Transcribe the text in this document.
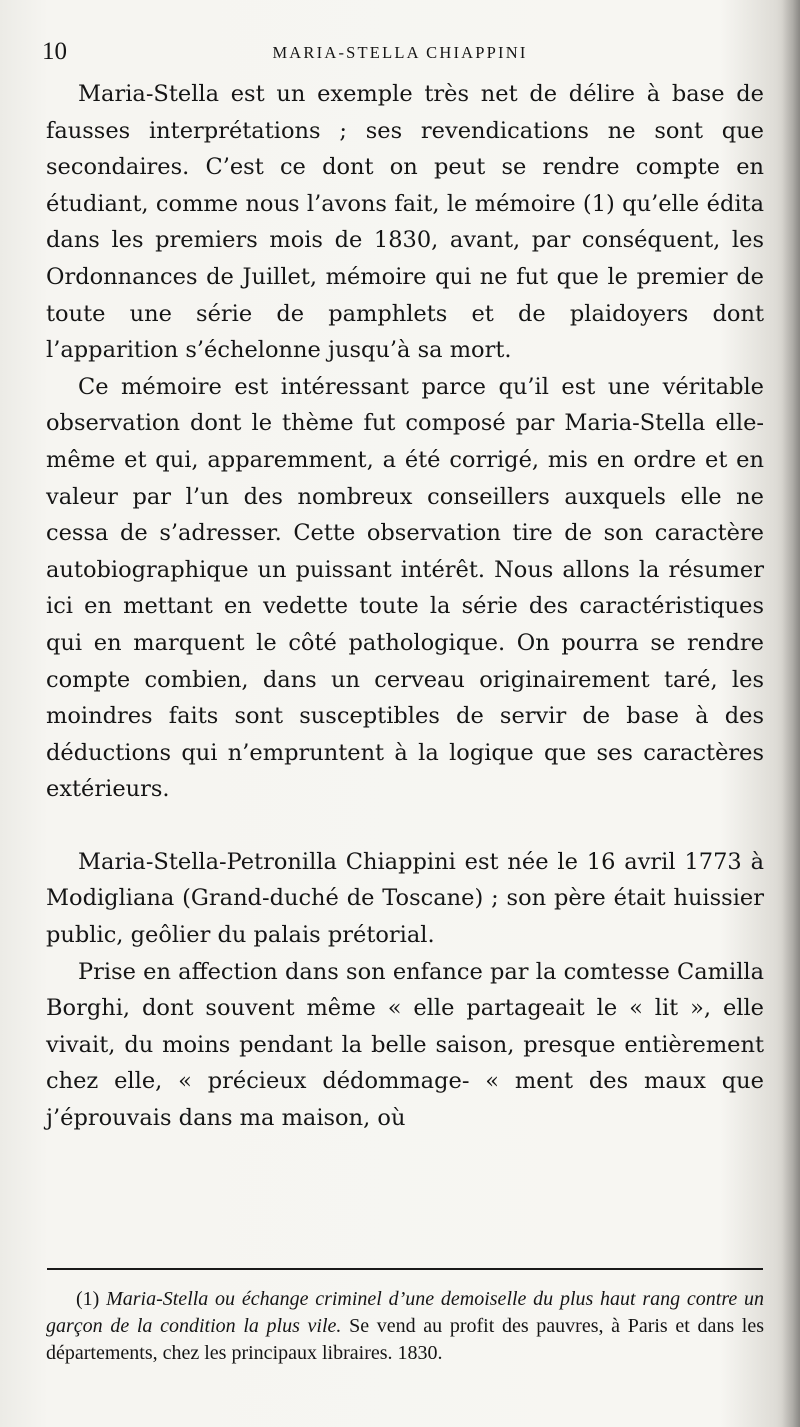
10	MARIA-STELLA CHIAPPINI

Maria-Stella est un exemple très net de délire à base de fausses interprétations ; ses revendications ne sont que secondaires. C’est ce dont on peut se rendre compte en étudiant, comme nous l’avons fait, le mémoire (1) qu’elle édita dans les premiers mois de 1830, avant, par conséquent, les Ordonnances de Juillet, mémoire qui ne fut que le premier de toute une série de pamphlets et de plaidoyers dont l’apparition s’échelonne jusqu’à sa mort.

Ce mémoire est intéressant parce qu’il est une véritable observation dont le thème fut composé par Maria-Stella elle-même et qui, apparemment, a été corrigé, mis en ordre et en valeur par l’un des nombreux conseillers auxquels elle ne cessa de s’adresser. Cette observation tire de son caractère autobiographique un puissant intérêt. Nous allons la résumer ici en mettant en vedette toute la série des caractéristiques qui en marquent le côté pathologique. On pourra se rendre compte combien, dans un cerveau originairement taré, les moindres faits sont susceptibles de servir de base à des déductions qui n’empruntent à la logique que ses caractères extérieurs.

Maria-Stella-Petronilla Chiappini est née le 16 avril 1773 à Modigliana (Grand-duché de Toscane) ; son père était huissier public, geôlier du palais prétorial.

Prise en affection dans son enfance par la comtesse Camilla Borghi, dont souvent même « elle partageait le « lit », elle vivait, du moins pendant la belle saison, presque entièrement chez elle, « précieux dédommage- « ment des maux que j’éprouvais dans ma maison, où

(1) Maria-Stella ou échange criminel d’une demoiselle du plus haut rang contre un garçon de la condition la plus vile. Se vend au profit des pauvres, à Paris et dans les départements, chez les principaux libraires. 1830.
